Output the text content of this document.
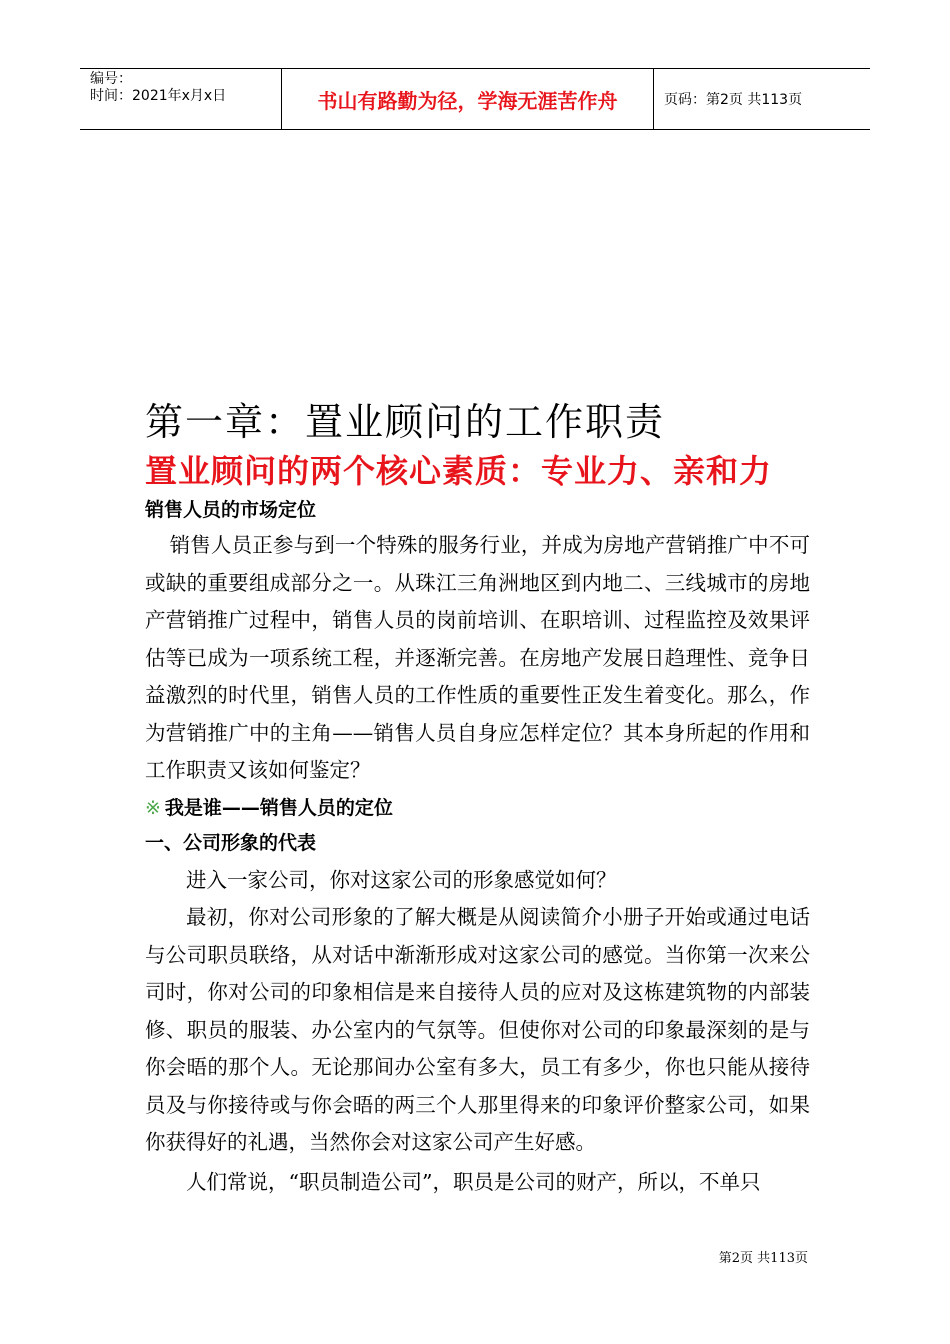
编号：
时间：2021年x月x日	书山有路勤为径，学海无涯苦作舟	页码：第2页 共113页
第一章：置业顾问的工作职责
置业顾问的两个核心素质：专业力、亲和力
销售人员的市场定位

销售人员正参与到一个特殊的服务行业，并成为房地产营销推广中不可或缺的重要组成部分之一。从珠江三角洲地区到内地二、三线城市的房地产营销推广过程中，销售人员的岗前培训、在职培训、过程监控及效果评估等已成为一项系统工程，并逐渐完善。在房地产发展日趋理性、竞争日益激烈的时代里，销售人员的工作性质的重要性正发生着变化。那么，作为营销推广中的主角——销售人员自身应怎样定位？其本身所起的作用和工作职责又该如何鉴定？

※ 我是谁——销售人员的定位
一、公司形象的代表

进入一家公司，你对这家公司的形象感觉如何？

最初，你对公司形象的了解大概是从阅读简介小册子开始或通过电话与公司职员联络，从对话中渐渐形成对这家公司的感觉。当你第一次来公司时，你对公司的印象相信是来自接待人员的应对及这栋建筑物的内部装修、职员的服装、办公室内的气氛等。但使你对公司的印象最深刻的是与你会晤的那个人。无论那间办公室有多大，员工有多少，你也只能从接待员及与你接待或与你会晤的两三个人那里得来的印象评价整家公司，如果你获得好的礼遇，当然你会对这家公司产生好感。

人们常说，“职员制造公司”，职员是公司的财产，所以，不单只

第2页 共113页
